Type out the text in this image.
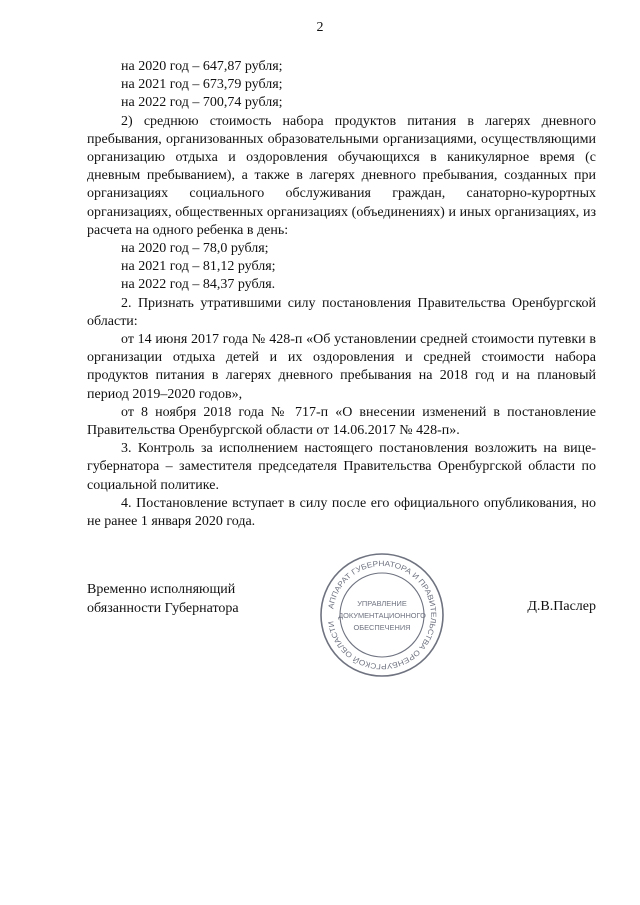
2

на 2020 год – 647,87 рубля;

на 2021 год – 673,79 рубля;

на 2022 год – 700,74 рубля;

2) среднюю стоимость набора продуктов питания в лагерях дневного пребывания, организованных образовательными организациями, осуществляющими организацию отдыха и оздоровления обучающихся в каникулярное время (с дневным пребыванием), а также в лагерях дневного пребывания, созданных при организациях социального обслуживания граждан, санаторно-курортных организациях, общественных организациях (объединениях) и иных организациях, из расчета на одного ребенка в день:

на 2020 год – 78,0 рубля;

на 2021 год – 81,12 рубля;

на 2022 год – 84,37 рубля.

2. Признать утратившими силу постановления Правительства Оренбургской области:

от 14 июня 2017 года № 428-п «Об установлении средней стоимости путевки в организации отдыха детей и их оздоровления и средней стоимости набора продуктов питания в лагерях дневного пребывания на 2018 год и на плановый период 2019–2020 годов»,

от 8 ноября 2018 года № 717-п «О внесении изменений в постановление Правительства Оренбургской области от 14.06.2017 № 428-п».

3. Контроль за исполнением настоящего постановления возложить на вице-губернатора – заместителя председателя Правительства Оренбургской области по социальной политике.

4. Постановление вступает в силу после его официального опубликования, но не ранее 1 января 2020 года.

Временно исполняющий
обязанности Губернатора	АППАРАТ ГУБЕРНАТОРА И ПРАВИТЕЛЬСТВА ОРЕНБУРГСКОЙ ОБЛАСТИ
УПРАВЛЕНИЕ
ДОКУМЕНТАЦИОННОГО
ОБЕСПЕЧЕНИЯ
Д.В.Паслер
